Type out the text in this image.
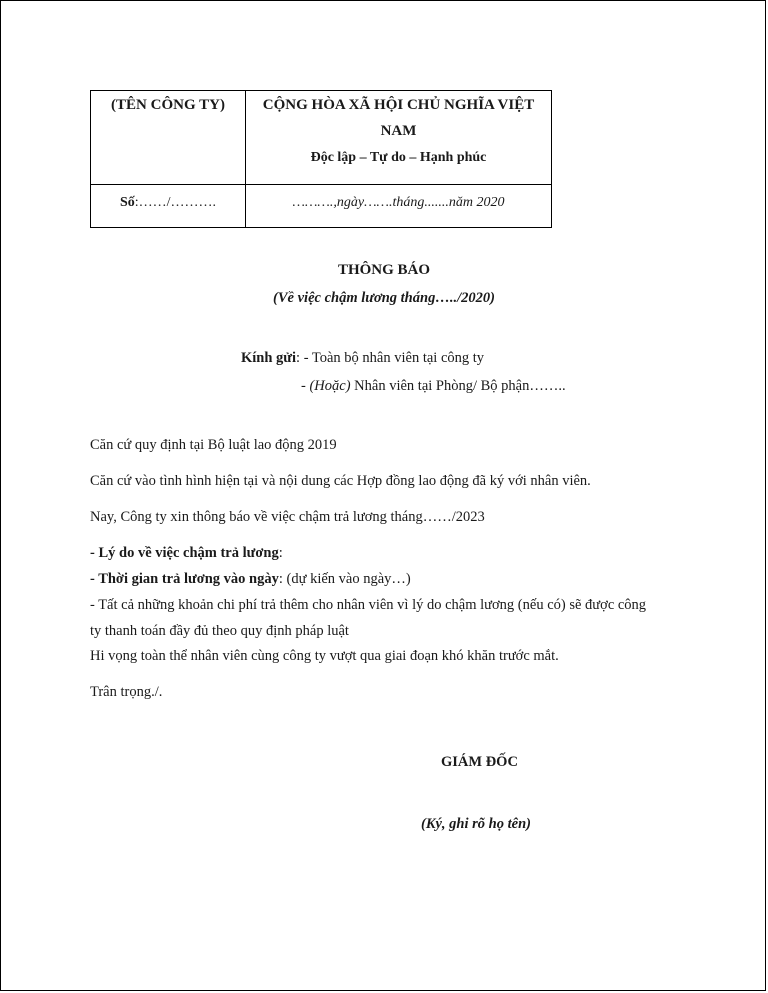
(TÊN CÔNG TY)	CỘNG HÒA XÃ HỘI CHỦ NGHĨA VIỆT
NAM
Độc lập – Tự do – Hạnh phúc

Số:……/……….	……….,ngày…….tháng.......năm 2020
THÔNG BÁO
(Về việc chậm lương tháng…../2020)
Kính gửi: - Toàn bộ nhân viên tại công ty
- (Hoặc) Nhân viên tại Phòng/ Bộ phận……..
Căn cứ quy định tại Bộ luật lao động 2019
Căn cứ vào tình hình hiện tại và nội dung các Hợp đồng lao động đã ký với nhân viên.
Nay, Công ty xin thông báo về việc chậm trả lương tháng……/2023
- Lý do về việc chậm trả lương:
- Thời gian trả lương vào ngày: (dự kiến vào ngày…)
- Tất cả những khoản chi phí trả thêm cho nhân viên vì lý do chậm lương (nếu có) sẽ được công
ty thanh toán đầy đủ theo quy định pháp luật
Hi vọng toàn thể nhân viên cùng công ty vượt qua giai đoạn khó khăn trước mắt.
Trân trọng./.
GIÁM ĐỐC
(Ký, ghi rõ họ tên)
